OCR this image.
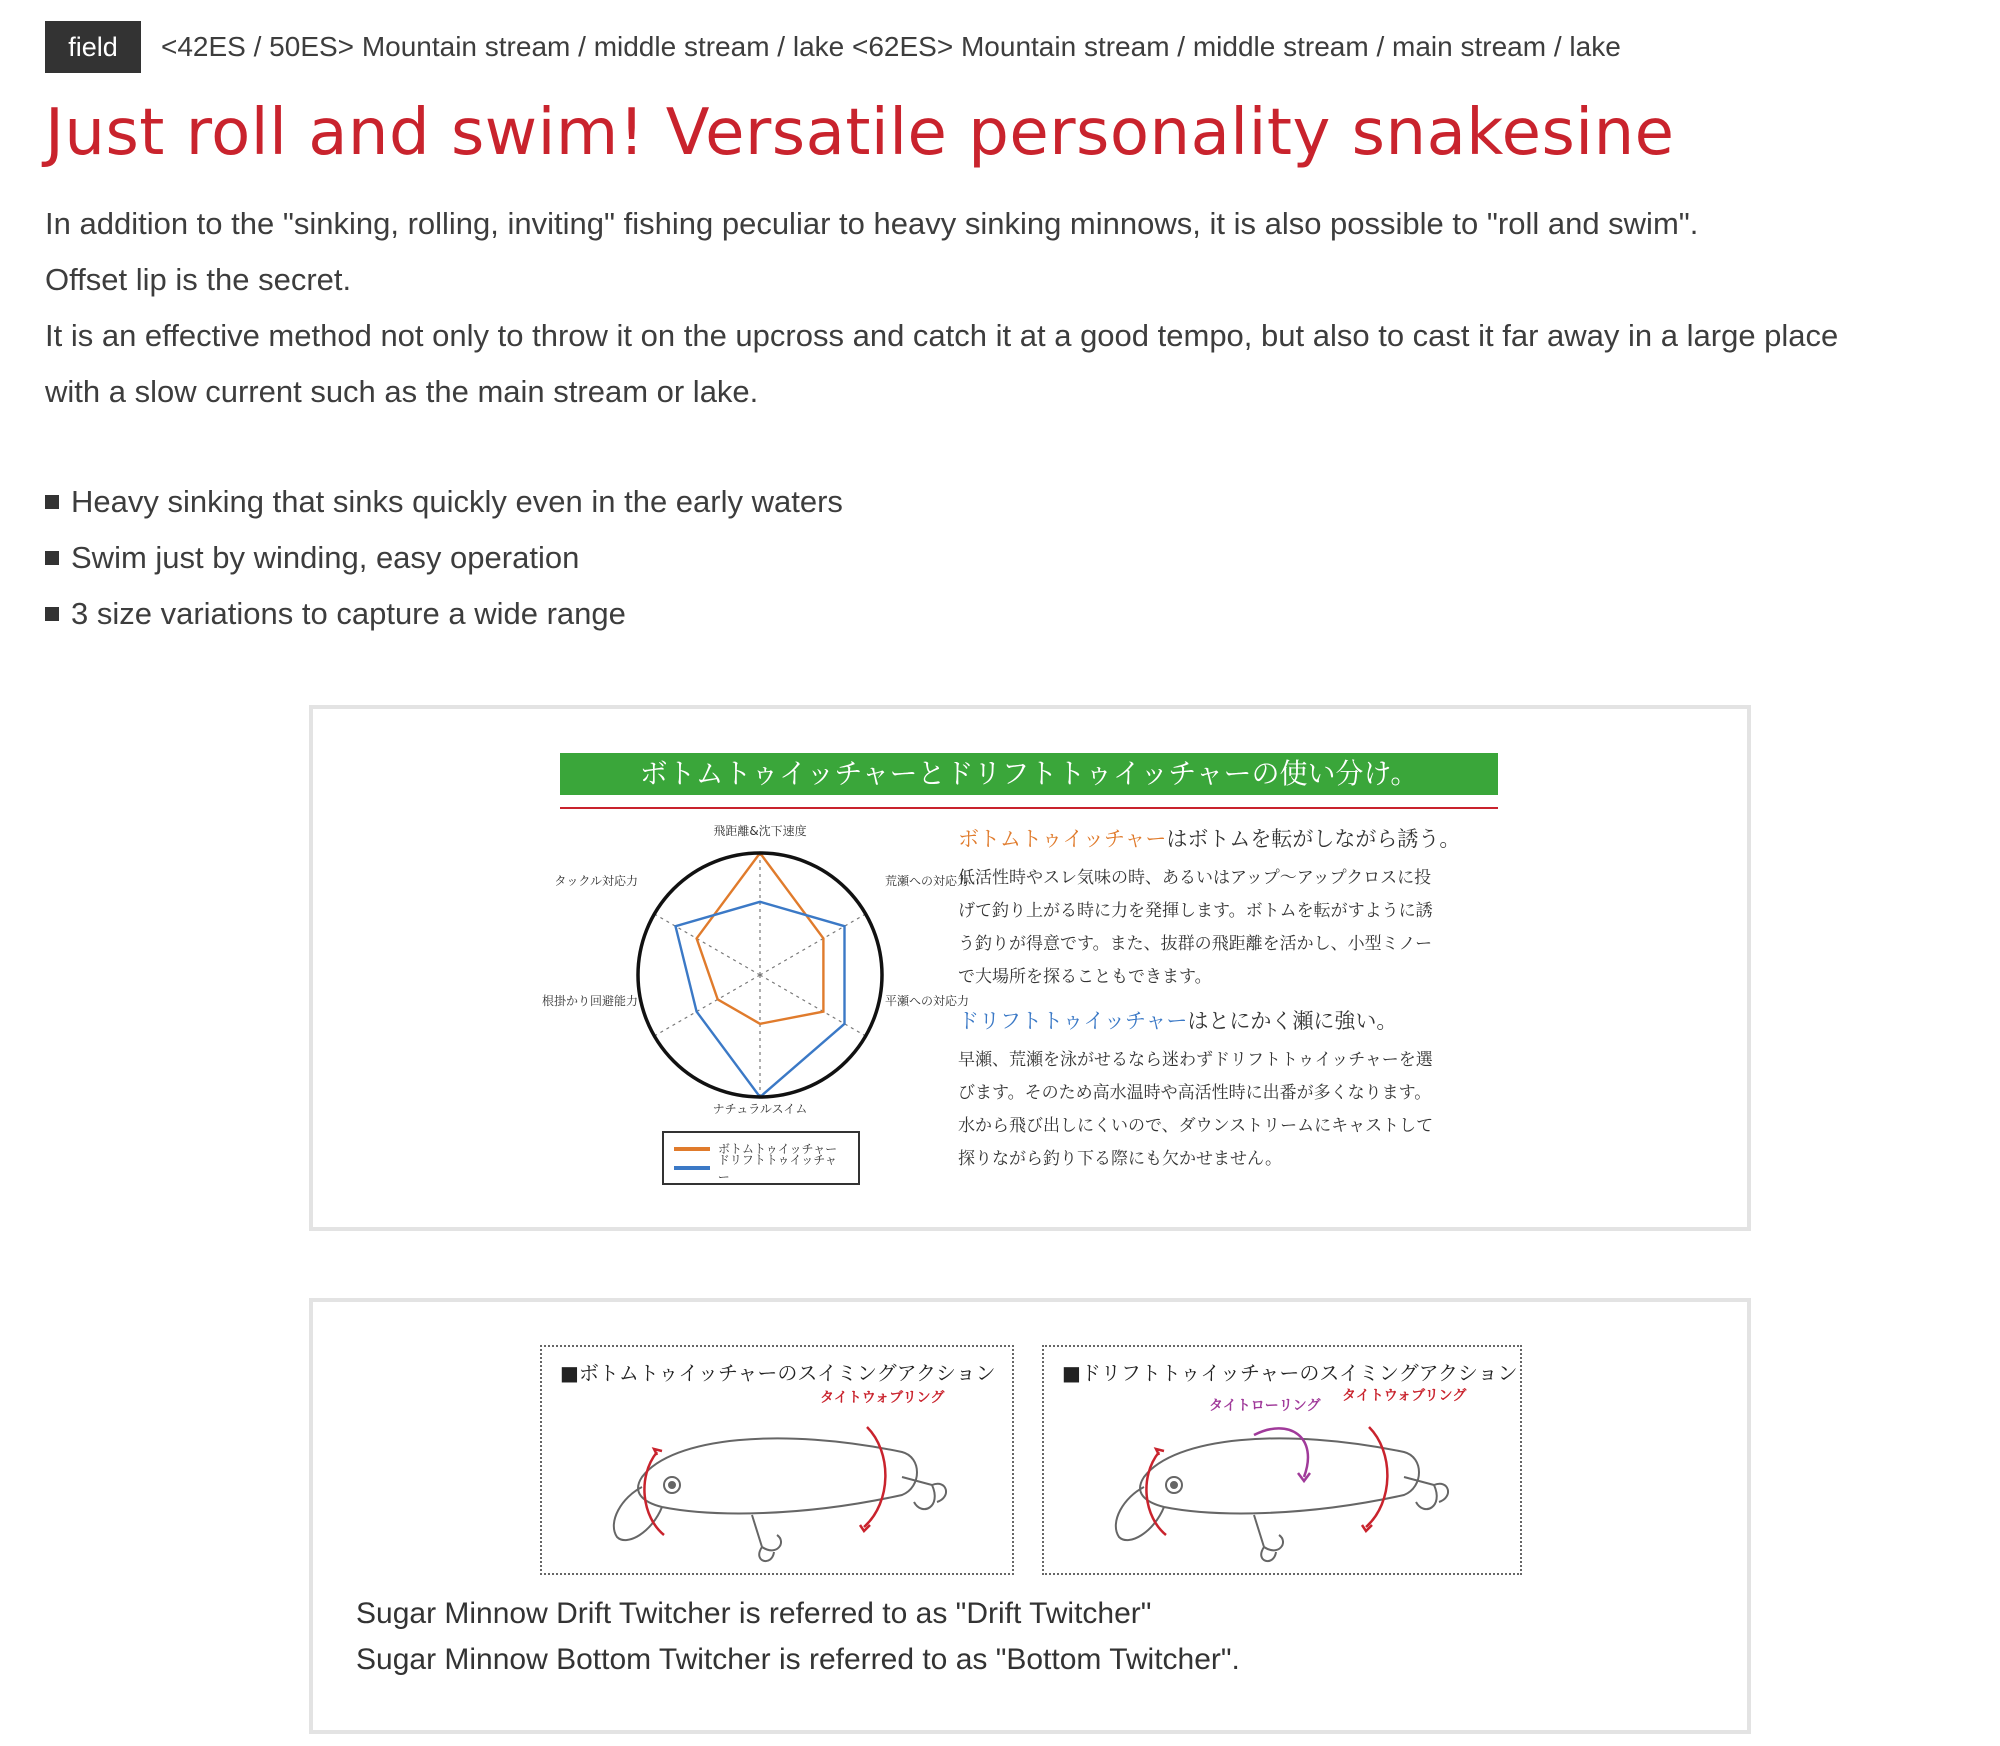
field	<42ES / 50ES> Mountain stream / middle stream / lake <62ES> Mountain stream / middle stream / main stream / lake
Just roll and swim! Versatile personality snakesine

In addition to the "sinking, rolling, inviting" fishing peculiar to heavy sinking minnows, it is also possible to "roll and swim".

Offset lip is the secret.

It is an effective method not only to throw it on the upcross and catch it at a good tempo, but also to cast it far away in a large place

with a slow current such as the main stream or lake.

Heavy sinking that sinks quickly even in the early waters
Swim just by winding, easy operation
3 size variations to capture a wide range
ボトムトゥイッチャーとドリフトトゥイッチャーの使い分け。
飛距離&沈下速度
荒瀬への対応力
平瀬への対応力
ナチュラルスイム
根掛かり回避能力
タックル対応力
ボトムトゥイッチャー
ドリフトトゥイッチャー

ボトムトゥイッチャーはボトムを転がしながら誘う。

低活性時やスレ気味の時、あるいはアップ〜アップクロスに投
げて釣り上がる時に力を発揮します。ボトムを転がすように誘
う釣りが得意です。また、抜群の飛距離を活かし、小型ミノー
で大場所を探ることもできます。

ドリフトトゥイッチャーはとにかく瀬に強い。

早瀬、荒瀬を泳がせるなら迷わずドリフトトゥイッチャーを選
びます。そのため高水温時や高活性時に出番が多くなります。
水から飛び出しにくいので、ダウンストリームにキャストして
探りながら釣り下る際にも欠かせません。
■ボトムトゥイッチャーのスイミングアクション
タイトウォブリング
■ドリフトトゥイッチャーのスイミングアクション
タイトローリング
タイトウォブリング
Sugar Minnow Drift Twitcher is referred to as "Drift Twitcher"
Sugar Minnow Bottom Twitcher is referred to as "Bottom Twitcher".
